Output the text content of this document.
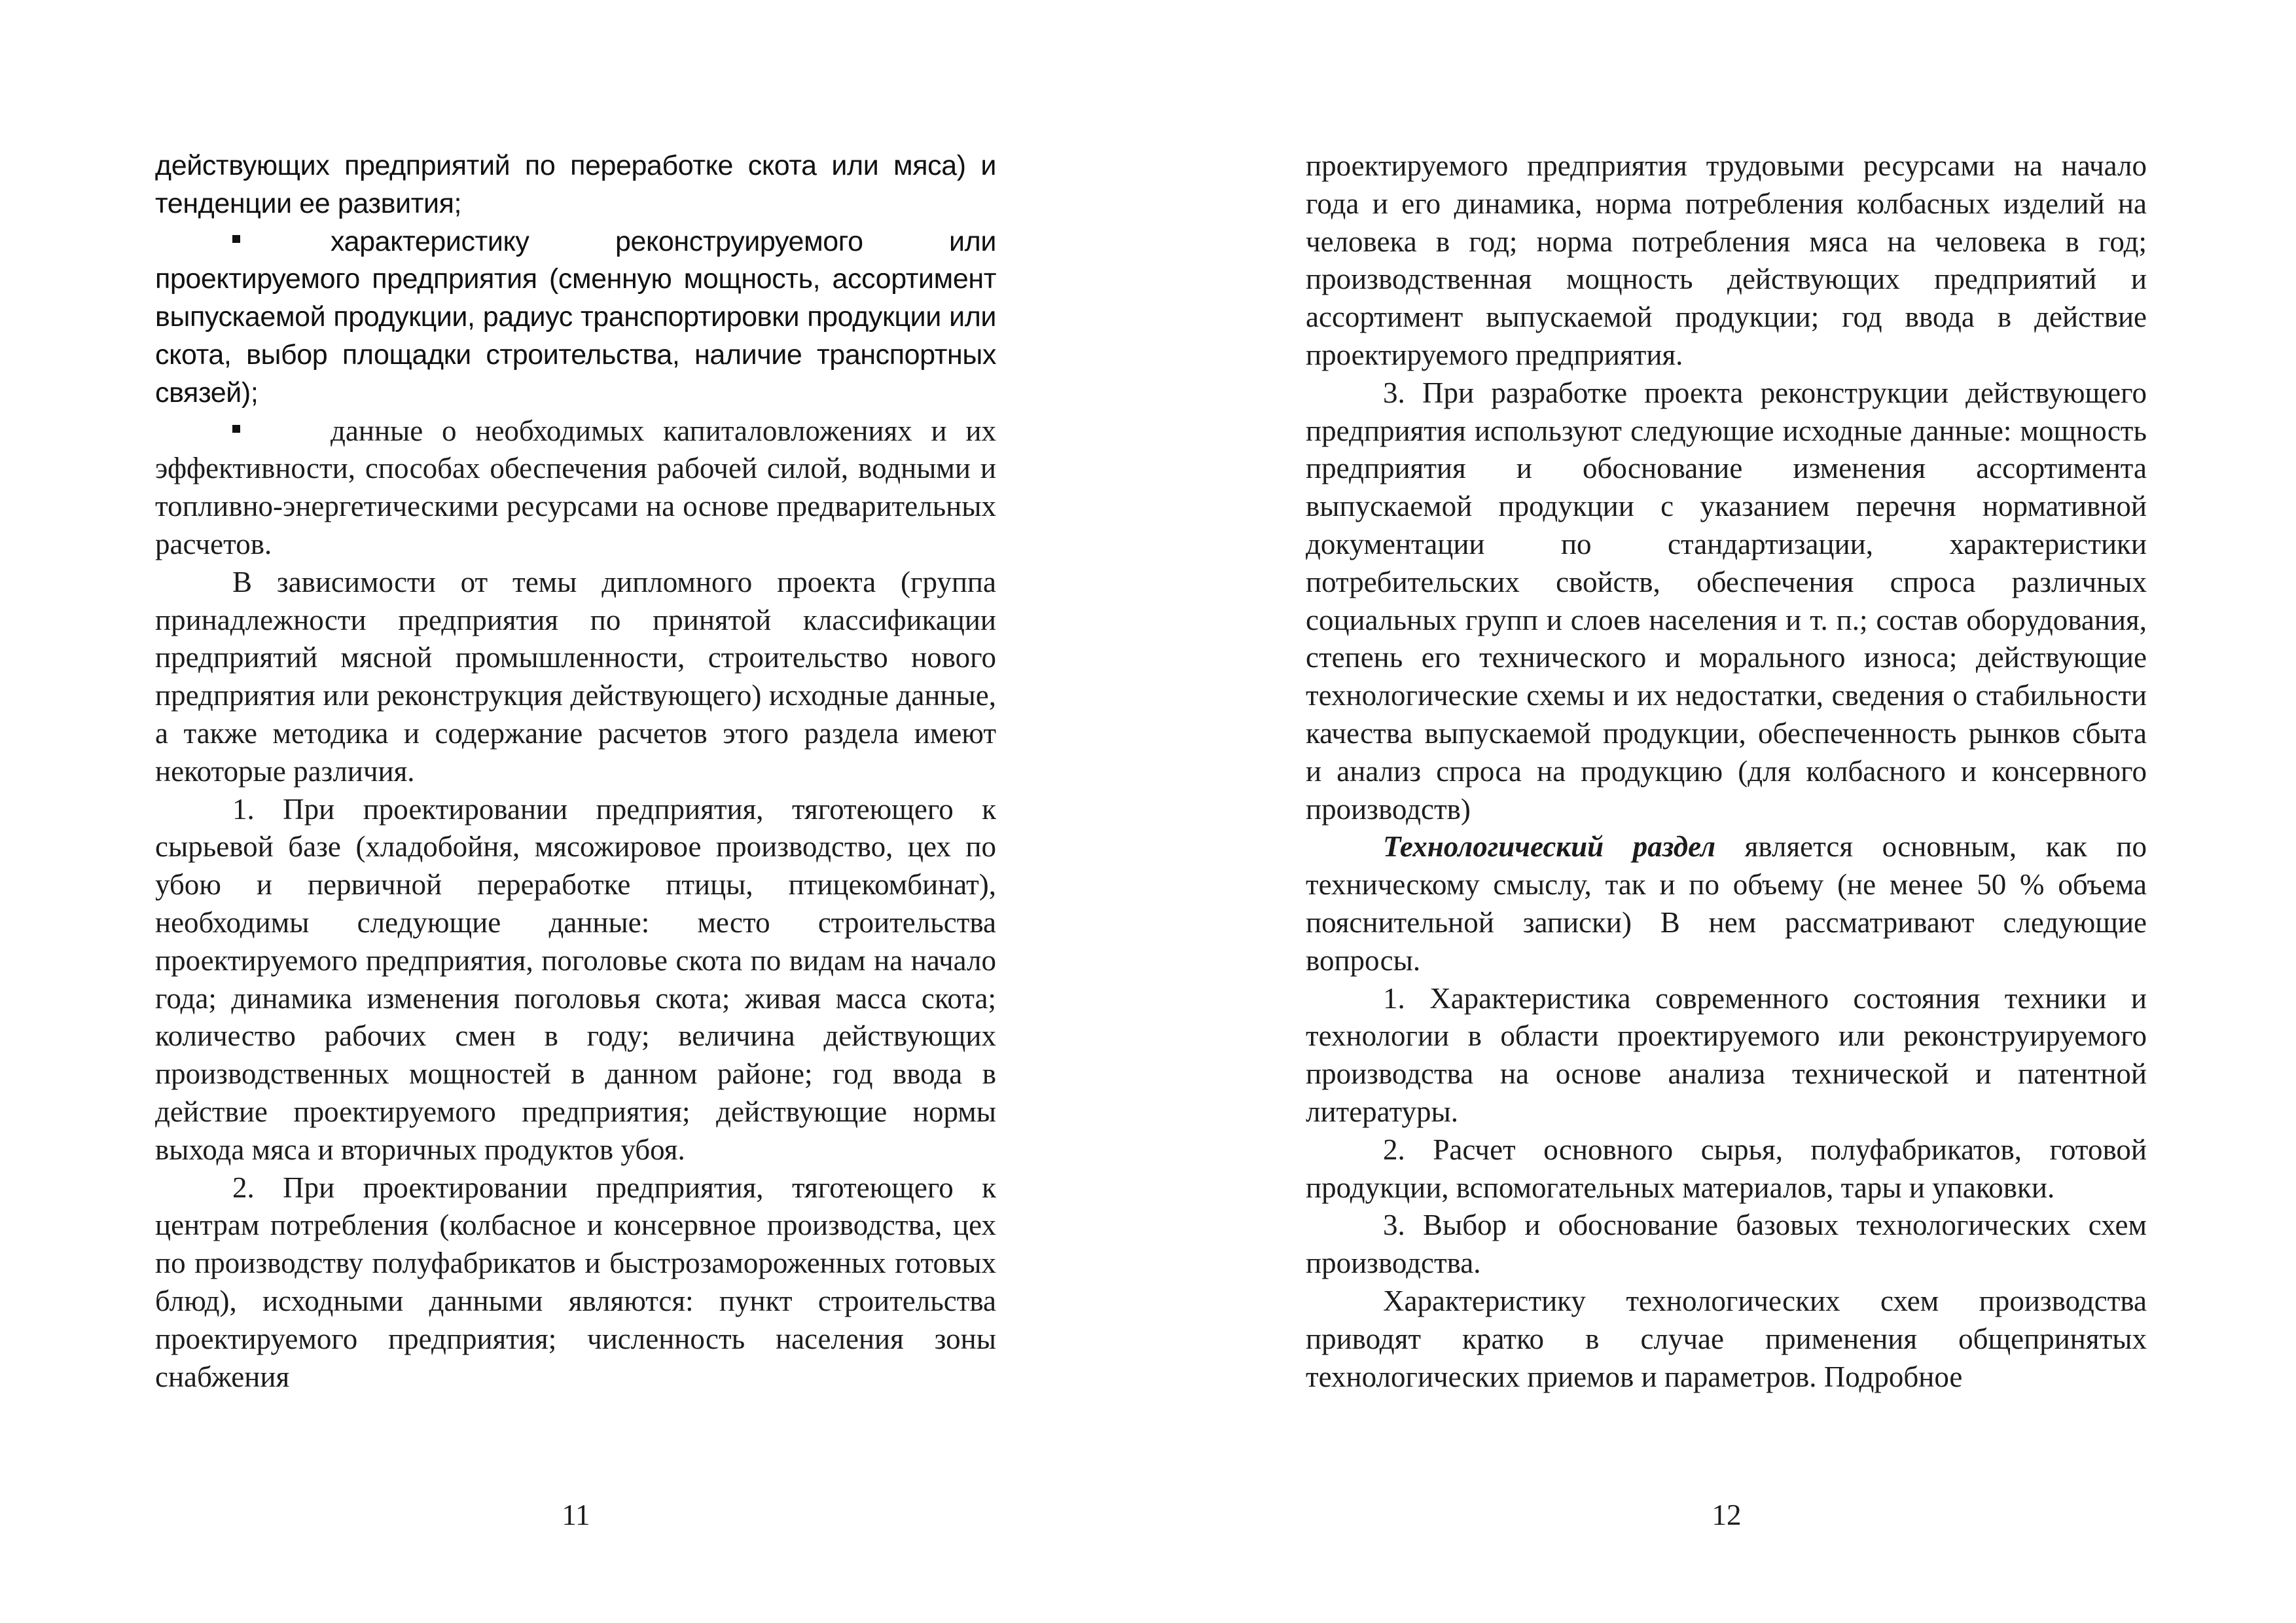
действующих предприятий по переработке скота или мяса) и тенденции ее развития;

характеристику реконструируемого или проектируемого предприятия (сменную мощность, ассортимент выпускаемой продукции, радиус транспортировки продукции или скота, выбор площадки строительства, наличие транспортных связей);

данные о необходимых капиталовложениях и их эффективности, способах обеспечения рабочей силой, водными и топливно-энергетическими ресурсами на основе предварительных расчетов.

В зависимости от темы дипломного проекта (группа принадлежности предприятия по принятой классификации предприятий мясной промышленности, строительство нового предприятия или реконструкция действующего) исходные данные, а также методика и содержание расчетов этого раздела имеют некоторые различия.

1. При проектировании предприятия, тяготеющего к сырьевой базе (хладобойня, мясожировое производство, цех по убою и первичной переработке птицы, птицекомбинат), необходимы следующие данные: место строительства проектируемого предприятия, поголовье скота по видам на начало года; динамика изменения поголовья скота; живая масса скота; количество рабочих смен в году; величина действующих производственных мощностей в данном районе; год ввода в действие проектируемого предприятия; действующие нормы выхода мяса и вторичных продуктов убоя.

2. При проектировании предприятия, тяготеющего к центрам потребления (колбасное и консервное производства, цех по производству полуфабрикатов и быстрозамороженных готовых блюд), исходными данными являются: пункт строительства проектируемого предприятия; численность населения зоны снабжения

проектируемого предприятия трудовыми ресурсами на начало года и его динамика, норма потребления колбасных изделий на человека в год; норма потребления мяса на человека в год; производственная мощность действующих предприятий и ассортимент выпускаемой продукции; год ввода в действие проектируемого предприятия.

3. При разработке проекта реконструкции действующего предприятия используют следующие исходные данные: мощность предприятия и обоснование изменения ассортимента выпускаемой продукции с указанием перечня нормативной документации по стандартизации, характеристики потребительских свойств, обеспечения спроса различных социальных групп и слоев населения и т. п.; состав оборудования, степень его технического и морального износа; действующие технологические схемы и их недостатки, сведения о стабильности качества выпускаемой продукции, обеспеченность рынков сбыта и анализ спроса на продукцию (для колбасного и консервного производств)

Технологический раздел является основным, как по техническому смыслу, так и по объему (не менее 50 % объема пояснительной записки) В нем рассматривают следующие вопросы.

1. Характеристика современного состояния техники и технологии в области проектируемого или реконструируемого производства на основе анализа технической и патентной литературы.

2. Расчет основного сырья, полуфабрикатов, готовой продукции, вспомогательных материалов, тары и упаковки.

3. Выбор и обоснование базовых технологических схем производства.

Характеристику технологических схем производства приводят кратко в случае применения общепринятых технологических приемов и параметров. Подробное

11	12
